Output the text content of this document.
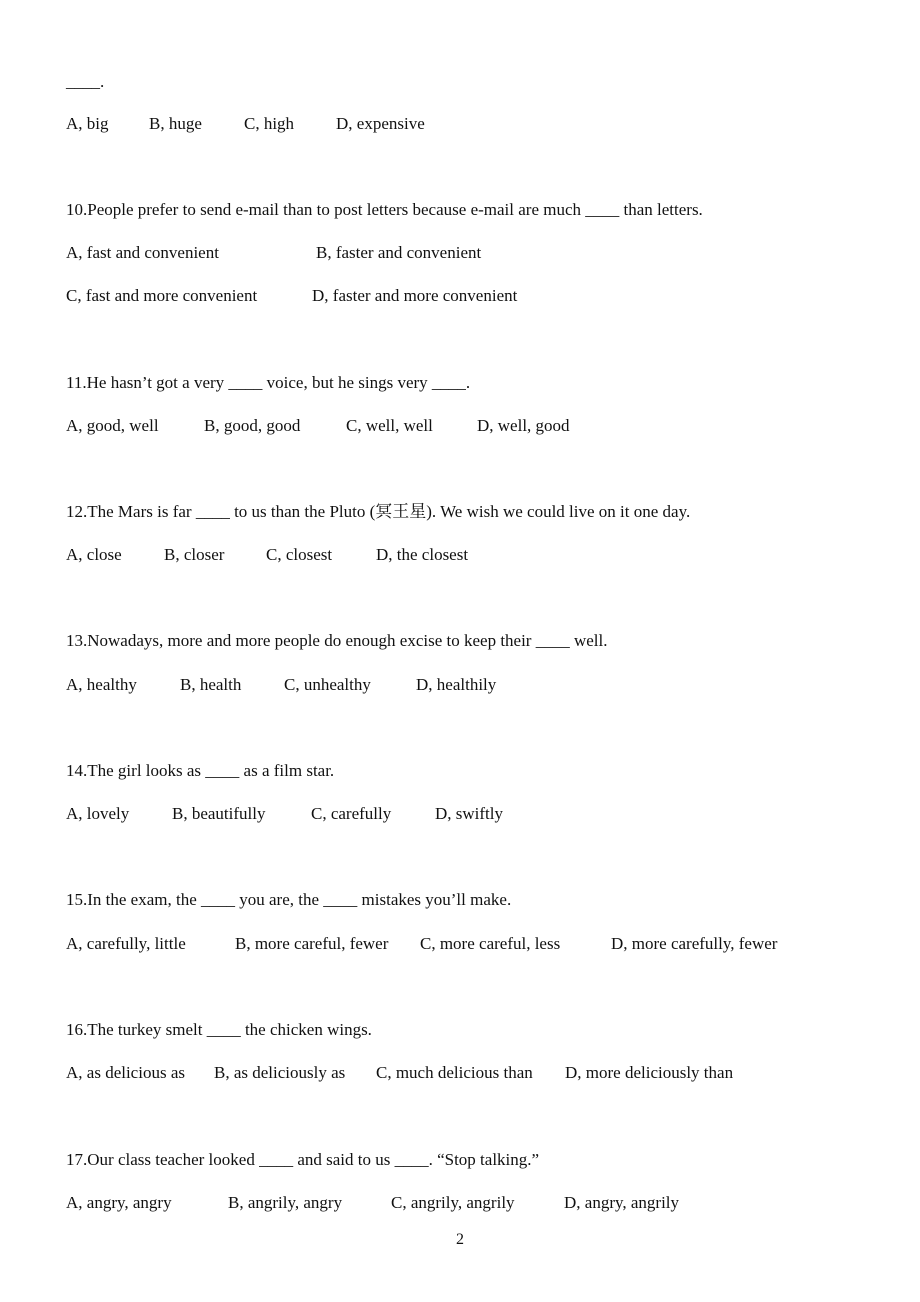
____.
A, big B, huge C, high D, expensive
10.People prefer to send e-mail than to post letters because e-mail are much ____ than letters.
A, fast and convenient	B, faster and convenient
C, fast and more convenient	D, faster and more convenient
11.He hasn’t got a very ____ voice, but he sings very ____.
A, good, well	B, good, good	C, well, well	D, well, good
12.The Mars is far ____ to us than the Pluto (冥王星). We wish we could live on it one day.
A, close B, closer C, closest	D, the closest
13.Nowadays, more and more people do enough excise to keep their ____ well.
A, healthy	B, health	C, unhealthy	D, healthily
14.The girl looks as ____ as a film star.
A, lovely	B, beautifully	C, carefully	D, swiftly
15.In the exam, the ____ you are, the ____ mistakes you’ll make.
A, carefully, little	B, more careful, fewer C, more careful, less	D, more carefully, fewer
16.The turkey smelt ____ the chicken wings.
A, as delicious as B, as deliciously as C, much delicious than D, more deliciously than
17.Our class teacher looked ____ and said to us ____. “Stop talking.”
A, angry, angry	B, angrily, angry	C, angrily, angrily	D, angry, angrily
2
